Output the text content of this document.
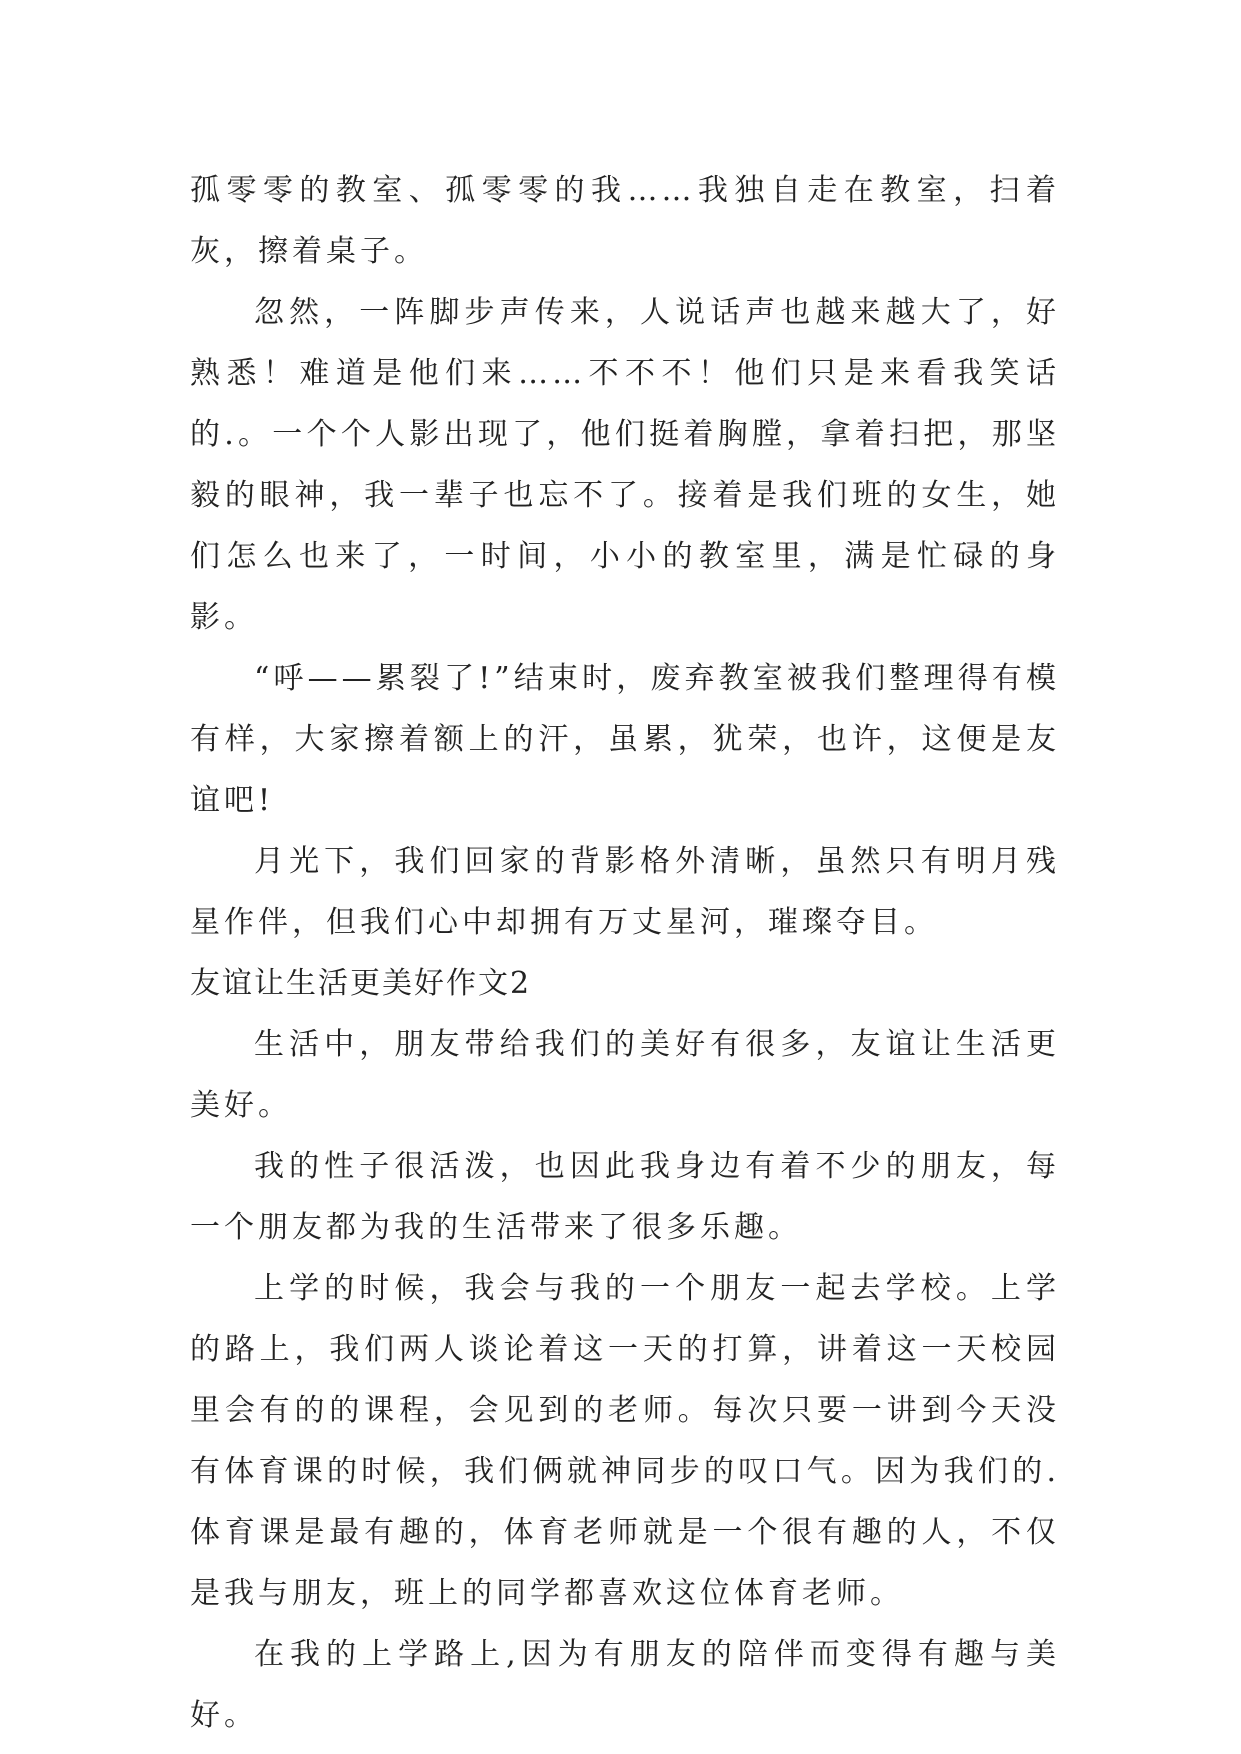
孤零零的教室、孤零零的我……我独自走在教室，扫着灰，擦着桌子。

忽然，一阵脚步声传来，人说话声也越来越大了，好熟悉！难道是他们来……不不不！他们只是来看我笑话的.。一个个人影出现了，他们挺着胸膛，拿着扫把，那坚毅的眼神，我一辈子也忘不了。接着是我们班的女生，她们怎么也来了，一时间，小小的教室里，满是忙碌的身影。

“呼——累裂了!”结束时，废弃教室被我们整理得有模有样，大家擦着额上的汗，虽累，犹荣，也许，这便是友谊吧!

月光下，我们回家的背影格外清晰，虽然只有明月残星作伴，但我们心中却拥有万丈星河，璀璨夺目。

友谊让生活更美好作文2

生活中，朋友带给我们的美好有很多，友谊让生活更美好。

我的性子很活泼，也因此我身边有着不少的朋友，每一个朋友都为我的生活带来了很多乐趣。

上学的时候，我会与我的一个朋友一起去学校。上学的路上，我们两人谈论着这一天的打算，讲着这一天校园里会有的的课程，会见到的老师。每次只要一讲到今天没有体育课的时候，我们俩就神同步的叹口气。因为我们的.体育课是最有趣的，体育老师就是一个很有趣的人，不仅是我与朋友，班上的同学都喜欢这位体育老师。

在我的上学路上,因为有朋友的陪伴而变得有趣与美好。
